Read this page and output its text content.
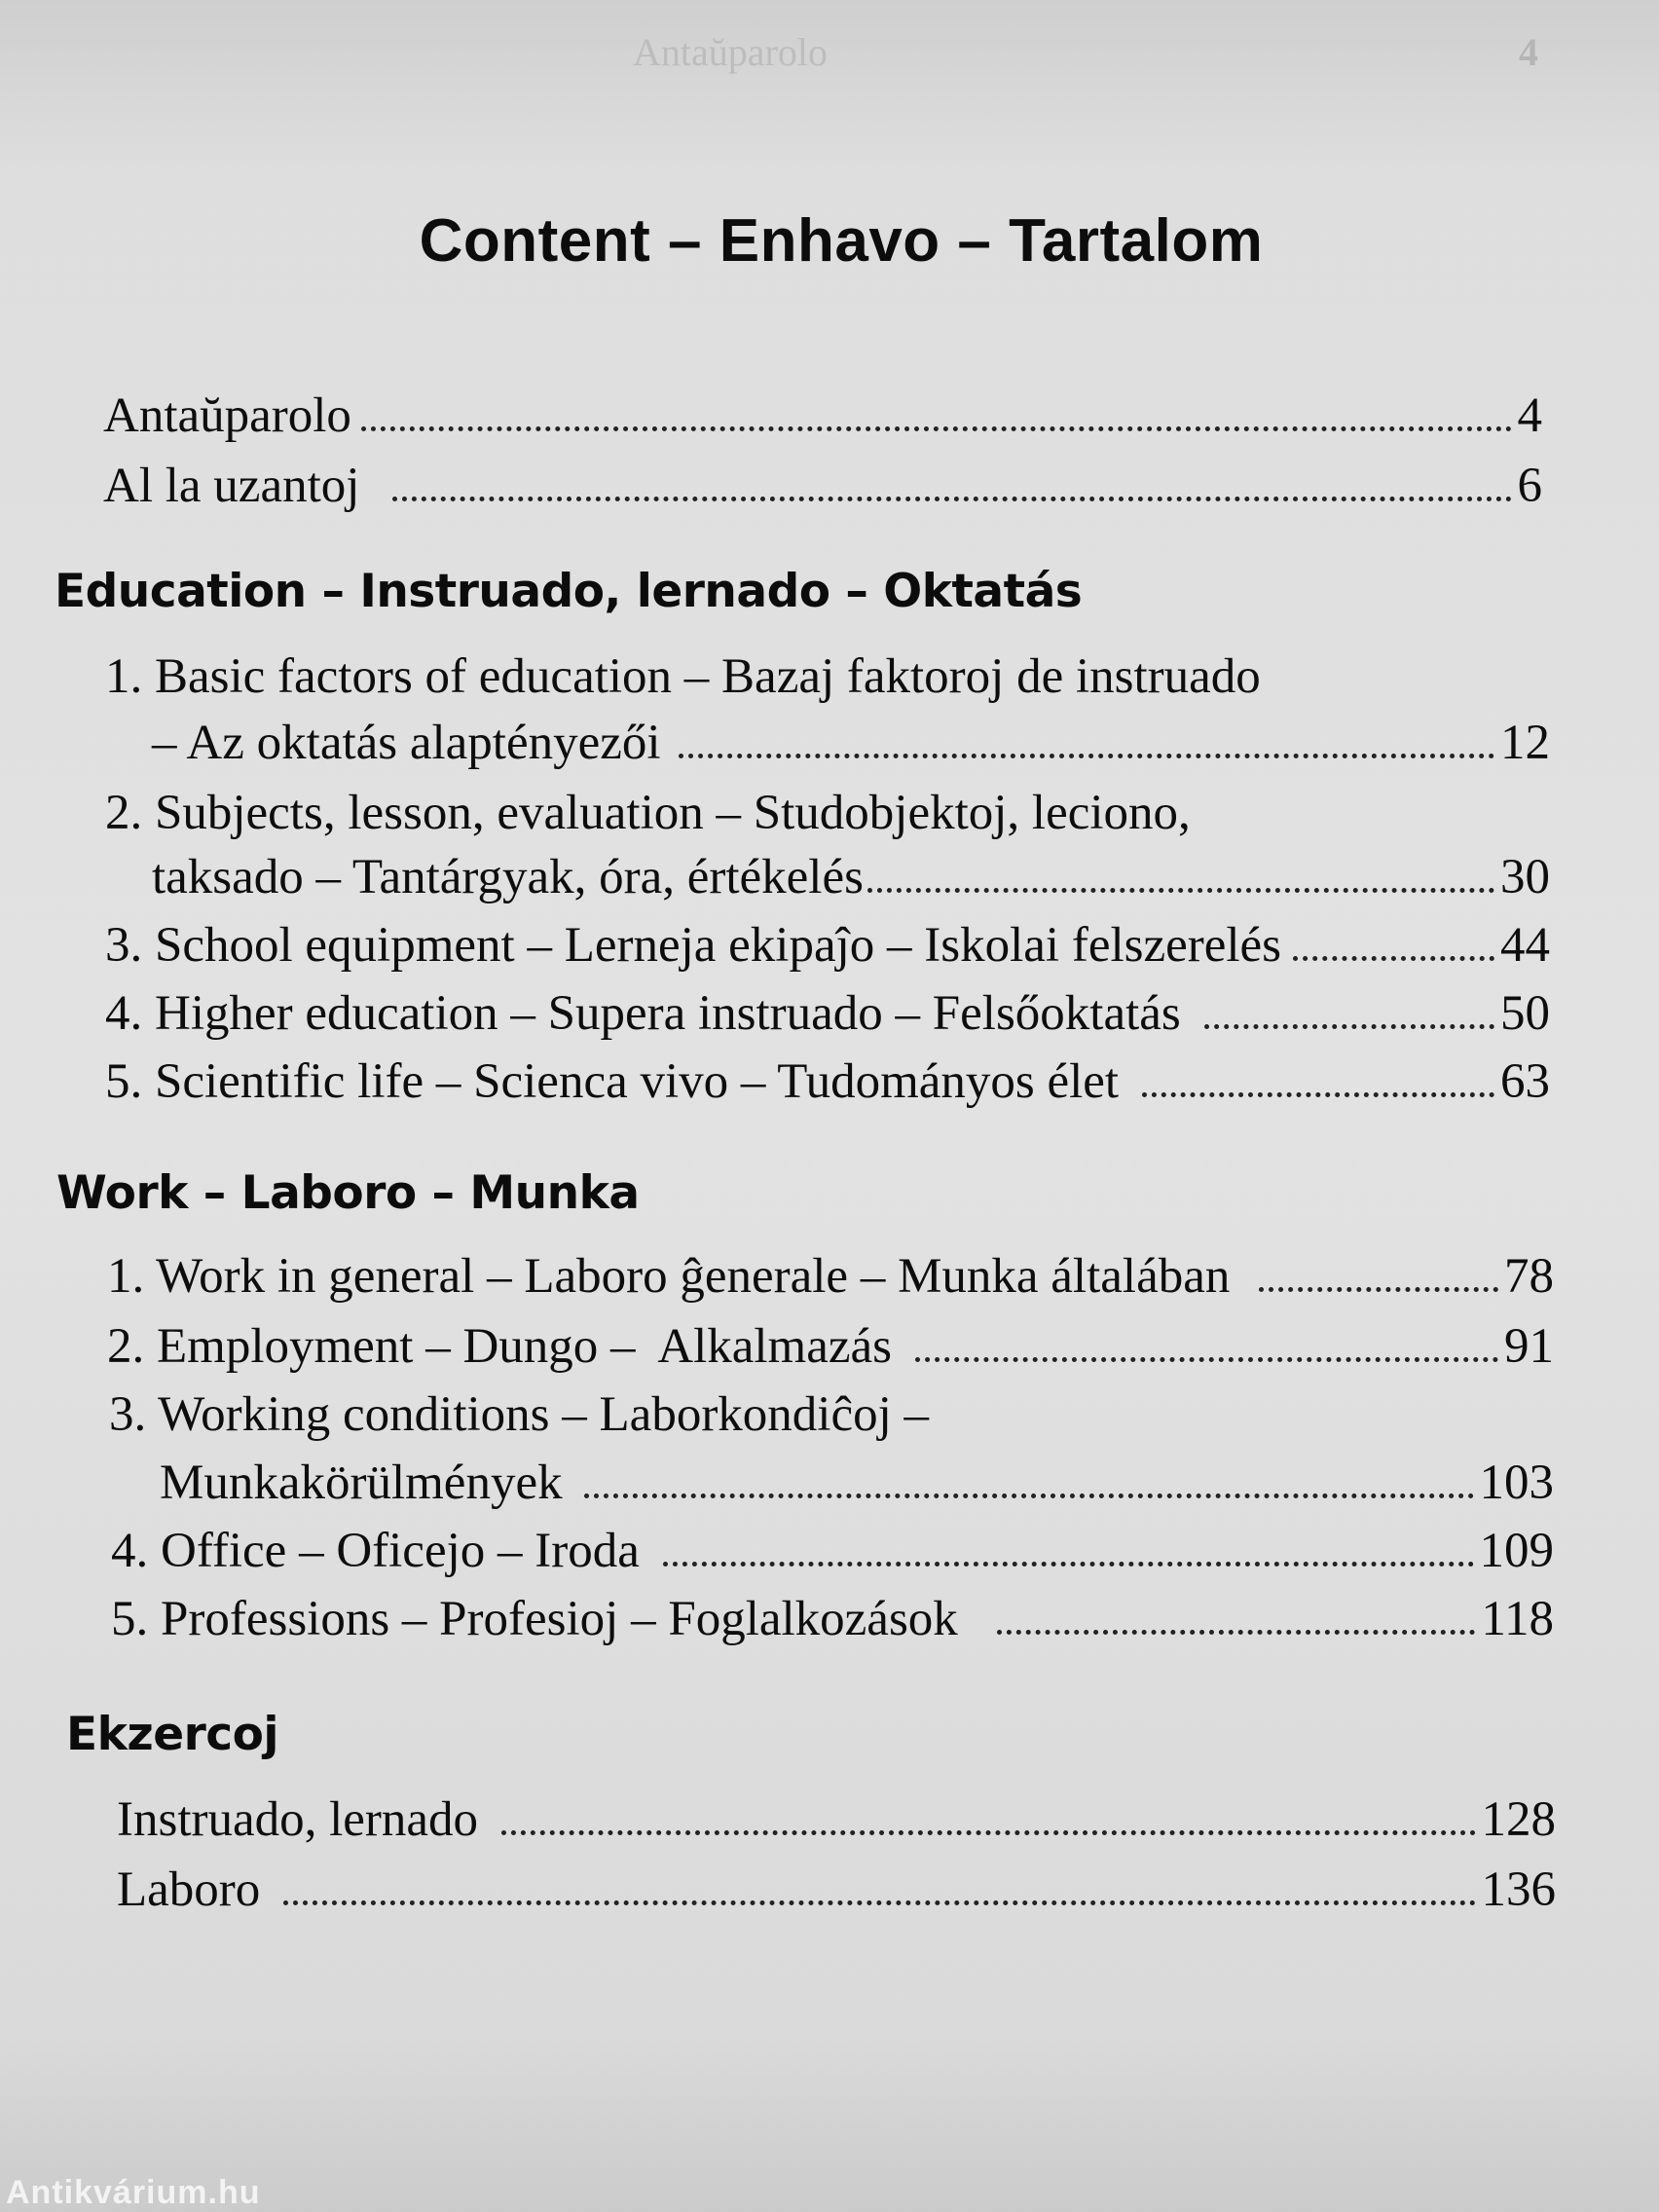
Antaŭparolo	4
Content – Enhavo – Tartalom
Antaŭparolo	4
Al la uzantoj	6
Education – Instruado, lernado – Oktatás
1. Basic factors of education – Bazaj faktoroj de instruado
– Az oktatás alaptényezői	12
2. Subjects, lesson, evaluation – Studobjektoj, leciono,
taksado – Tantárgyak, óra, értékelés	30
3. School equipment – Lerneja ekipaĵo – Iskolai felszerelés	44
4. Higher education – Supera instruado – Felsőoktatás	50
5. Scientific life – Scienca vivo – Tudományos élet	63
Work – Laboro – Munka
1. Work in general – Laboro ĝenerale – Munka általában	78
2. Employment – Dungo –  Alkalmazás	91
3. Working conditions – Laborkondiĉoj –
Munkakörülmények	103
4. Office – Oficejo – Iroda	109
5. Professions – Profesioj – Foglalkozások	118
Ekzercoj
Instruado, lernado	128
Laboro	136
Antikvárium.hu
